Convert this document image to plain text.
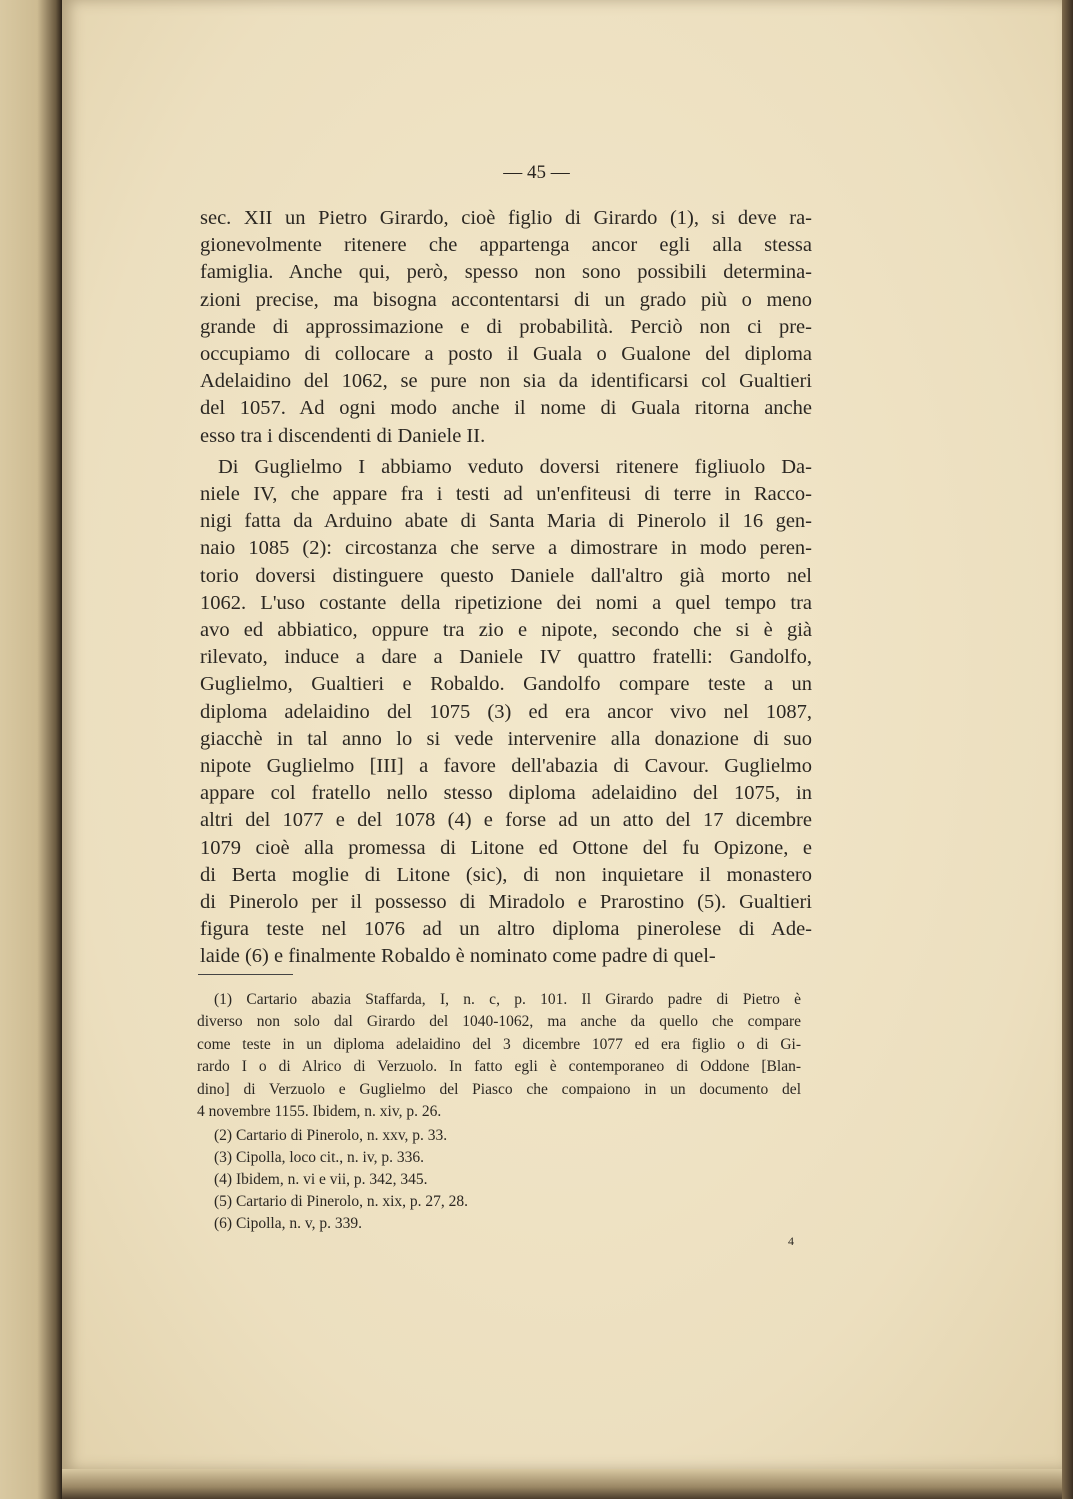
— 45 —
sec. XII un Pietro Girardo, cioè figlio di Girardo (1), si deve ra-
gionevolmente ritenere che appartenga ancor egli alla stessa
famiglia. Anche qui, però, spesso non sono possibili determina-
zioni precise, ma bisogna accontentarsi di un grado più o meno
grande di approssimazione e di probabilità. Perciò non ci pre-
occupiamo di collocare a posto il Guala o Gualone del diploma
Adelaidino del 1062, se pure non sia da identificarsi col Gualtieri
del 1057. Ad ogni modo anche il nome di Guala ritorna anche
esso tra i discendenti di Daniele II.
Di Guglielmo I abbiamo veduto doversi ritenere figliuolo Da-
niele IV, che appare fra i testi ad un'enfiteusi di terre in Racco-
nigi fatta da Arduino abate di Santa Maria di Pinerolo il 16 gen-
naio 1085 (2): circostanza che serve a dimostrare in modo peren-
torio doversi distinguere questo Daniele dall'altro già morto nel
1062. L'uso costante della ripetizione dei nomi a quel tempo tra
avo ed abbiatico, oppure tra zio e nipote, secondo che si è già
rilevato, induce a dare a Daniele IV quattro fratelli: Gandolfo,
Guglielmo, Gualtieri e Robaldo. Gandolfo compare teste a un
diploma adelaidino del 1075 (3) ed era ancor vivo nel 1087,
giacchè in tal anno lo si vede intervenire alla donazione di suo
nipote Guglielmo [III] a favore dell'abazia di Cavour. Guglielmo
appare col fratello nello stesso diploma adelaidino del 1075, in
altri del 1077 e del 1078 (4) e forse ad un atto del 17 dicembre
1079 cioè alla promessa di Litone ed Ottone del fu Opizone, e
di Berta moglie di Litone (sic), di non inquietare il monastero
di Pinerolo per il possesso di Miradolo e Prarostino (5). Gualtieri
figura teste nel 1076 ad un altro diploma pinerolese di Ade-
laide (6) e finalmente Robaldo è nominato come padre di quel-
(1) Cartario abazia Staffarda, I, n. c, p. 101. Il Girardo padre di Pietro è
diverso non solo dal Girardo del 1040-1062, ma anche da quello che compare
come teste in un diploma adelaidino del 3 dicembre 1077 ed era figlio o di Gi-
rardo I o di Alrico di Verzuolo. In fatto egli è contemporaneo di Oddone [Blan-
dino] di Verzuolo e Guglielmo del Piasco che compaiono in un documento del
4 novembre 1155. Ibidem, n. xiv, p. 26.
(2) Cartario di Pinerolo, n. xxv, p. 33.
(3) Cipolla, loco cit., n. iv, p. 336.
(4) Ibidem, n. vi e vii, p. 342, 345.
(5) Cartario di Pinerolo, n. xix, p. 27, 28.
(6) Cipolla, n. v, p. 339.
4
